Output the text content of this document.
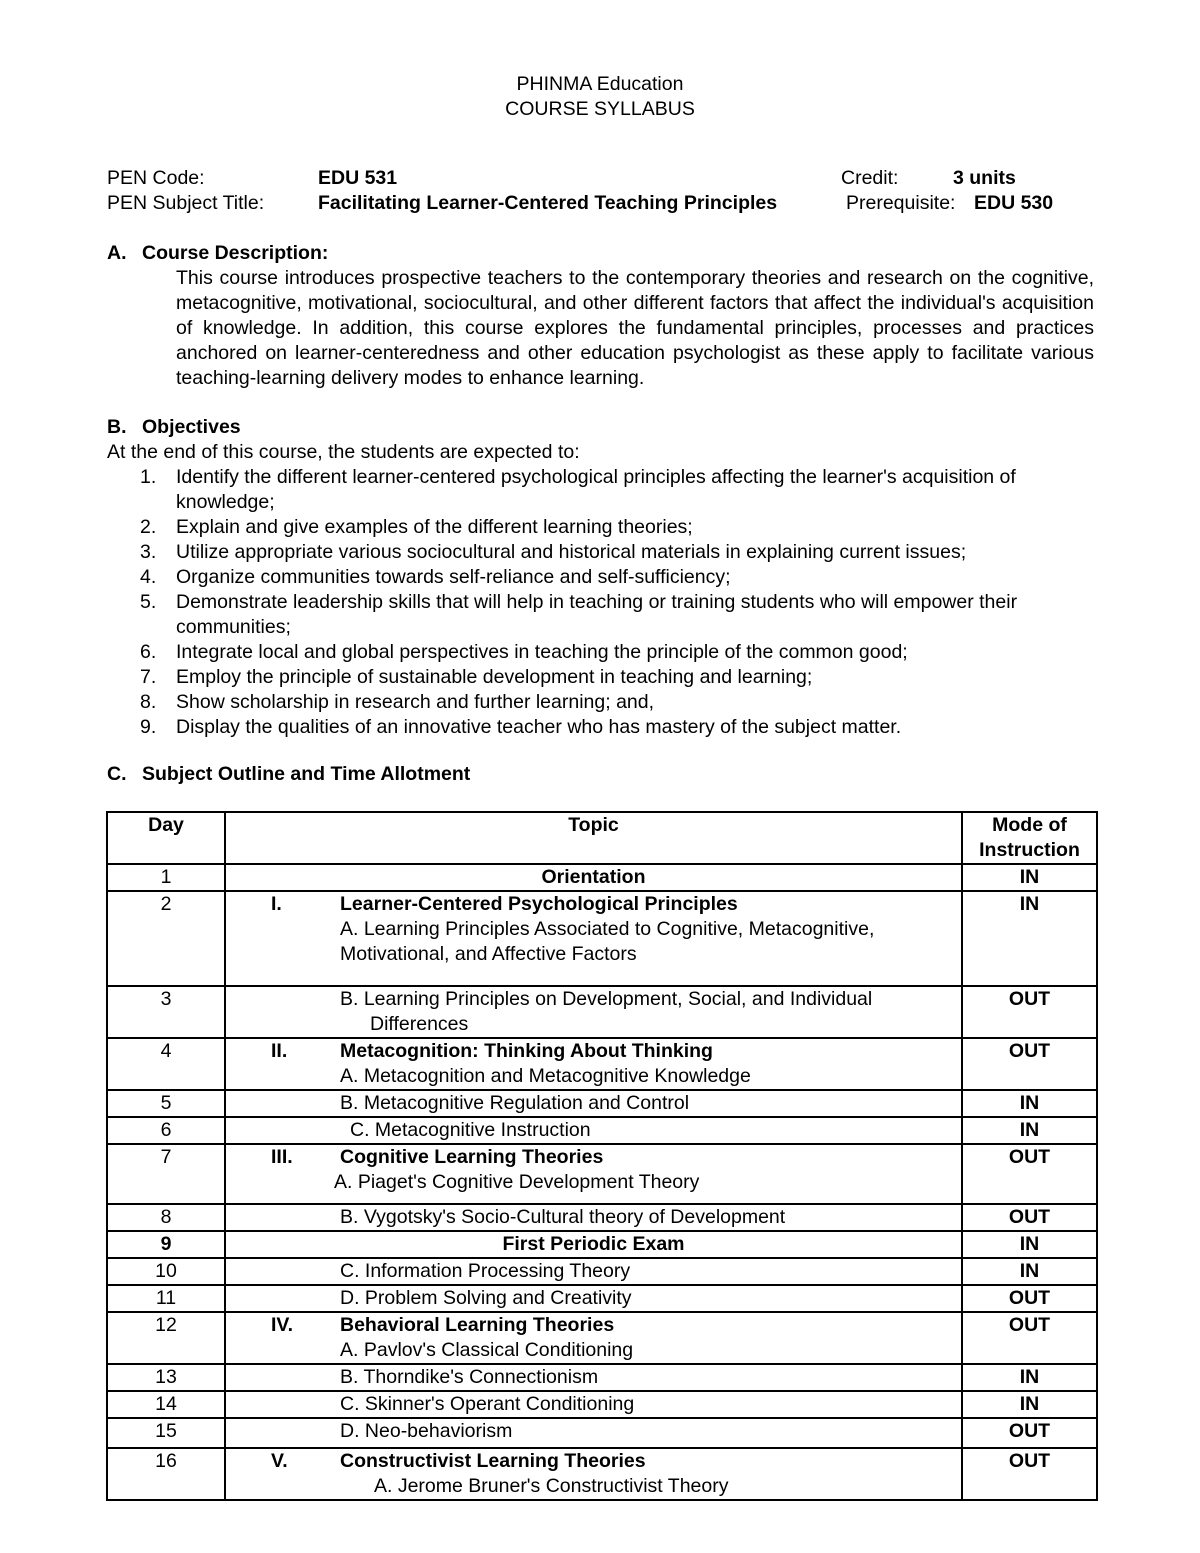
PHINMA Education
COURSE SYLLABUS
PEN Code:	EDU 531	Credit:	3 units
PEN Subject Title:	Facilitating Learner-Centered Teaching Principles	Prerequisite: EDU 530
A. Course Description:
This course introduces prospective teachers to the contemporary theories and research on the cognitive, metacognitive, motivational, sociocultural, and other different factors that affect the individual's acquisition of knowledge. In addition, this course explores the fundamental principles, processes and practices anchored on learner-centeredness and other education psychologist as these apply to facilitate various teaching-learning delivery modes to enhance learning.
B. Objectives
At the end of this course, the students are expected to:
1.	Identify the different learner-centered psychological principles affecting the learner's acquisition of knowledge;
2.	Explain and give examples of the different learning theories;
3.	Utilize appropriate various sociocultural and historical materials in explaining current issues;
4.	Organize communities towards self-reliance and self-sufficiency;
5.	Demonstrate leadership skills that will help in teaching or training students who will empower their communities;
6.	Integrate local and global perspectives in teaching the principle of the common good;
7.	Employ the principle of sustainable development in teaching and learning;
8.	Show scholarship in research and further learning; and,
9.	Display the qualities of an innovative teacher who has mastery of the subject matter.
C. Subject Outline and Time Allotment
Day	Topic	Mode of Instruction
1	Orientation	IN
2	I. Learner-Centered Psychological Principles
A. Learning Principles Associated to Cognitive, Metacognitive, Motivational, and Affective Factors	IN
3	B. Learning Principles on Development, Social, and Individual Differences	OUT
4	II. Metacognition: Thinking About Thinking
A. Metacognition and Metacognitive Knowledge	OUT
5	B. Metacognitive Regulation and Control	IN
6	C. Metacognitive Instruction	IN
7	III. Cognitive Learning Theories
A. Piaget's Cognitive Development Theory	OUT
8	B. Vygotsky's Socio-Cultural theory of Development	OUT
9	First Periodic Exam	IN
10	C. Information Processing Theory	IN
11	D. Problem Solving and Creativity	OUT
12	IV. Behavioral Learning Theories
A. Pavlov's Classical Conditioning	OUT
13	B. Thorndike's Connectionism	IN
14	C. Skinner's Operant Conditioning	IN
15	D. Neo-behaviorism	OUT
16	V. Constructivist Learning Theories
A. Jerome Bruner's Constructivist Theory	OUT
